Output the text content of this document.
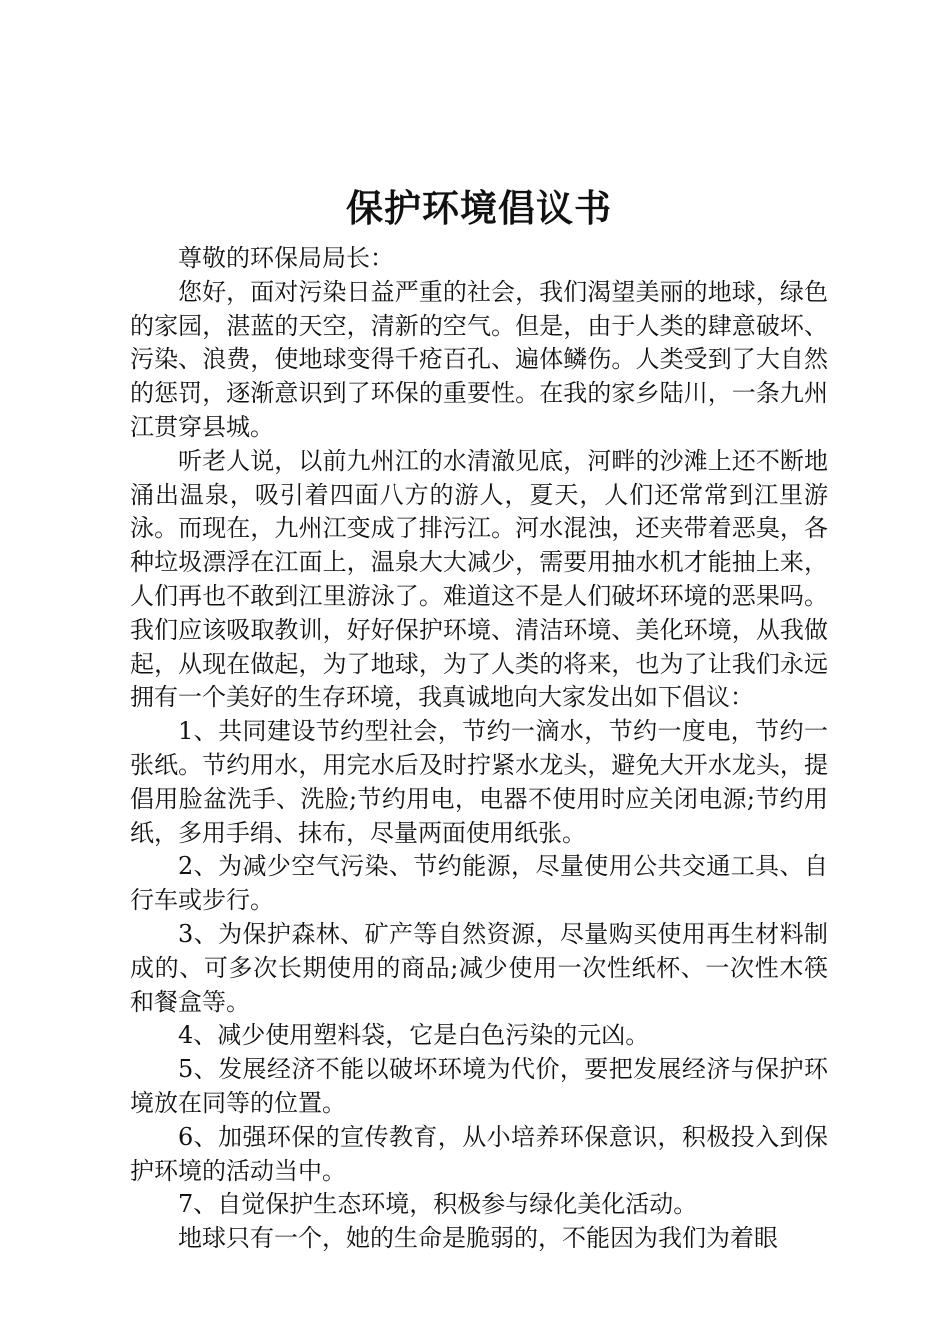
保护环境倡议书

尊敬的环保局局长：

您好，面对污染日益严重的社会，我们渴望美丽的地球，绿色的家园，湛蓝的天空，清新的空气。但是，由于人类的肆意破坏、污染、浪费，使地球变得千疮百孔、遍体鳞伤。人类受到了大自然的惩罚，逐渐意识到了环保的重要性。在我的家乡陆川，一条九州江贯穿县城。

听老人说，以前九州江的水清澈见底，河畔的沙滩上还不断地涌出温泉，吸引着四面八方的游人，夏天，人们还常常到江里游泳。而现在，九州江变成了排污江。河水混浊，还夹带着恶臭，各种垃圾漂浮在江面上，温泉大大减少，需要用抽水机才能抽上来，人们再也不敢到江里游泳了。难道这不是人们破坏环境的恶果吗。我们应该吸取教训，好好保护环境、清洁环境、美化环境，从我做起，从现在做起，为了地球，为了人类的将来，也为了让我们永远拥有一个美好的生存环境，我真诚地向大家发出如下倡议：

1、共同建设节约型社会，节约一滴水，节约一度电，节约一张纸。节约用水，用完水后及时拧紧水龙头，避免大开水龙头，提倡用脸盆洗手、洗脸;节约用电，电器不使用时应关闭电源;节约用纸，多用手绢、抹布，尽量两面使用纸张。

2、为减少空气污染、节约能源，尽量使用公共交通工具、自行车或步行。

3、为保护森林、矿产等自然资源，尽量购买使用再生材料制成的、可多次长期使用的商品;减少使用一次性纸杯、一次性木筷和餐盒等。

4、减少使用塑料袋，它是白色污染的元凶。

5、发展经济不能以破坏环境为代价，要把发展经济与保护环境放在同等的位置。

6、加强环保的宣传教育，从小培养环保意识，积极投入到保护环境的活动当中。

7、自觉保护生态环境，积极参与绿化美化活动。

地球只有一个，她的生命是脆弱的，不能因为我们为着眼
